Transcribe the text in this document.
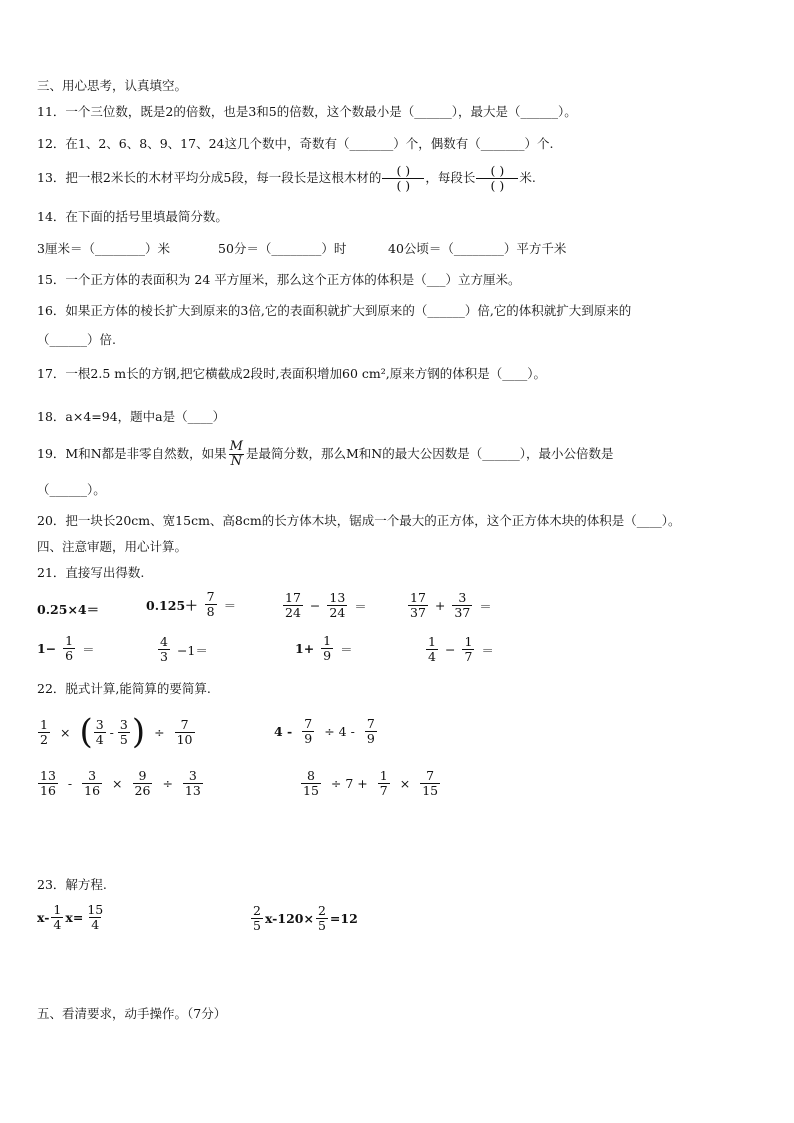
三、用心思考，认真填空。
11．一个三位数，既是2的倍数，也是3和5的倍数，这个数最小是（______），最大是（______）。
12．在1、2、6、8、9、17、24这几个数中，奇数有（_______）个，偶数有（_______）个.
13．把一根2米长的木材平均分成5段，每一段长是这根木材的 $\frac{( )}{( )}$ ，每段长 $\frac{( )}{( )}$ 米.
14．在下面的括号里填最简分数。
3厘米＝（________）米	50分＝（________）时	40公顷＝（________）平方千米
15．一个正方体的表面积为 24 平方厘米，那么这个正方体的体积是（___）立方厘米。
16．如果正方体的棱长扩大到原来的3倍,它的表面积就扩大到原来的（______）倍,它的体积就扩大到原来的
（______）倍.
17．一根2.5 m长的方钢,把它横截成2段时,表面积增加60 cm²,原来方钢的体积是（____）。
18．a×4=94，题中a是（____）
19．M和N都是非零自然数，如果 $\frac{M}{N}$ 是最简分数，那么M和N的最大公因数是（______），最小公倍数是
（______）。
20．把一块长20cm、宽15cm、高8cm的长方体木块，锯成一个最大的正方体，这个正方体木块的体积是（____）。
四、注意审题，用心计算。
21．直接写出得数.
0.25×4＝	$0.125+ \frac{7}{8}$ ＝	$\frac{17}{24} - \frac{13}{24}$ ＝	$\frac{17}{37} + \frac{3}{37}$ ＝
$1- \frac{1}{6}$ ＝	$\frac{4}{3} -1=$	$1+ \frac{1}{9}$ ＝	$\frac{1}{4} - \frac{1}{7}$ ＝
22．脱式计算,能简算的要简算.
$\frac{1}{2}$ × ( $\frac{3}{4} - \frac{3}{5}$ ) ÷ $\frac{7}{10}$	$4 - \frac{7}{9} \div 4 - \frac{7}{9}$
$\frac{13}{16} - \frac{3}{16} \times \frac{9}{26} \div \frac{3}{13}$	$\frac{8}{15} \div 7 + \frac{1}{7} \times \frac{7}{15}$
23．解方程.
$x- \frac{1}{4} x= \frac{15}{4}$	$\frac{2}{5} x-120\times \frac{2}{5} =12$
五、看清要求，动手操作。（7分）
